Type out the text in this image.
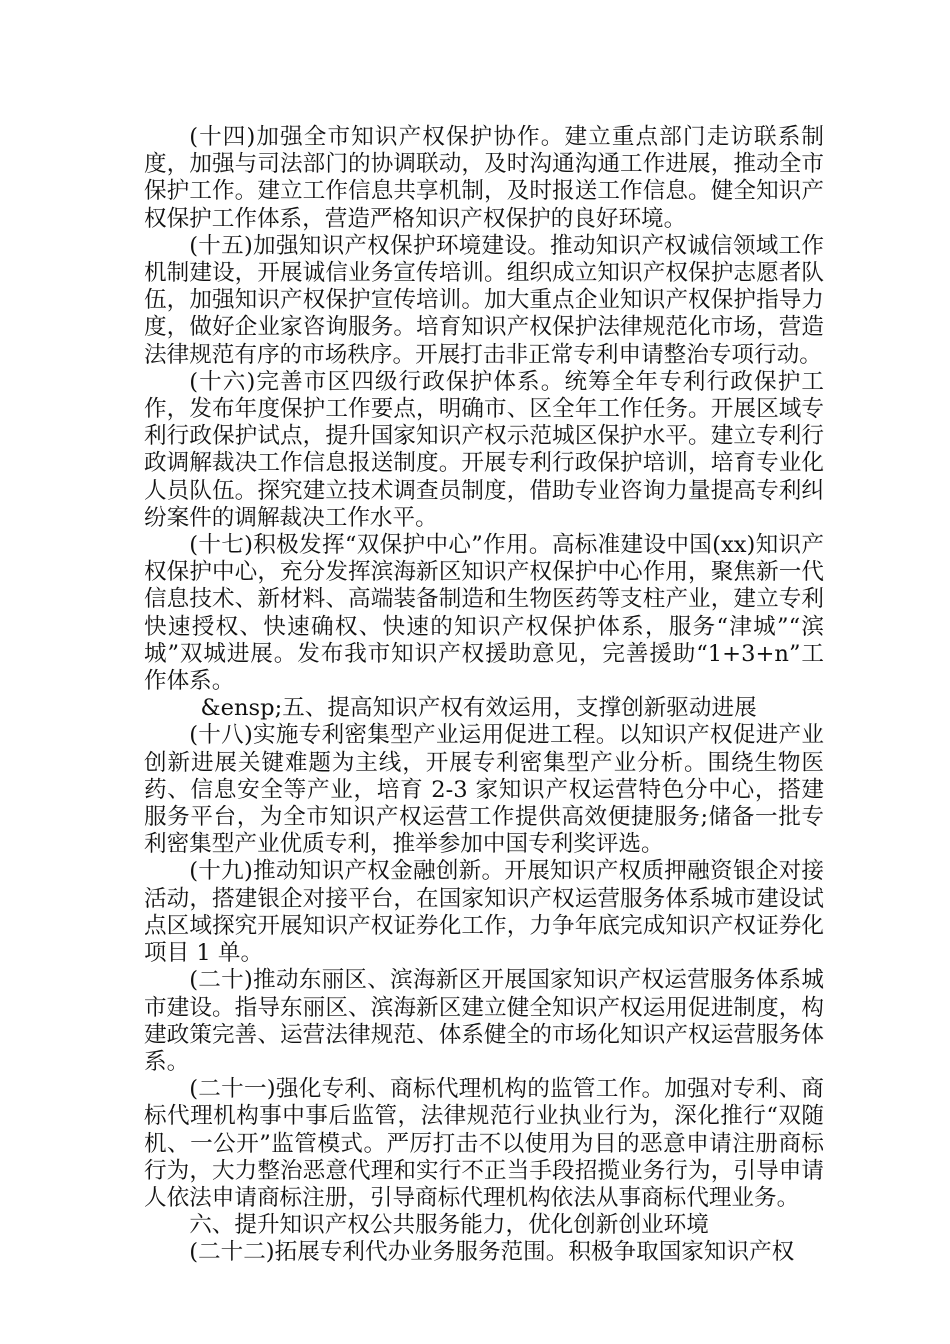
(十四)加强全市知识产权保护协作。建立重点部门走访联系制度，加强与司法部门的协调联动，及时沟通沟通工作进展，推动全市保护工作。建立工作信息共享机制，及时报送工作信息。健全知识产权保护工作体系，营造严格知识产权保护的良好环境。

(十五)加强知识产权保护环境建设。推动知识产权诚信领域工作机制建设，开展诚信业务宣传培训。组织成立知识产权保护志愿者队伍，加强知识产权保护宣传培训。加大重点企业知识产权保护指导力度，做好企业家咨询服务。培育知识产权保护法律规范化市场，营造法律规范有序的市场秩序。开展打击非正常专利申请整治专项行动。

(十六)完善市区四级行政保护体系。统筹全年专利行政保护工作，发布年度保护工作要点，明确市、区全年工作任务。开展区域专利行政保护试点，提升国家知识产权示范城区保护水平。建立专利行政调解裁决工作信息报送制度。开展专利行政保护培训，培育专业化人员队伍。探究建立技术调查员制度，借助专业咨询力量提高专利纠纷案件的调解裁决工作水平。

(十七)积极发挥“双保护中心”作用。高标准建设中国(xx)知识产权保护中心，充分发挥滨海新区知识产权保护中心作用，聚焦新一代信息技术、新材料、高端装备制造和生物医药等支柱产业，建立专利快速授权、快速确权、快速的知识产权保护体系，服务“津城”“滨城”双城进展。发布我市知识产权援助意见，完善援助“1+3+n”工作体系。

&ensp;五、提高知识产权有效运用，支撑创新驱动进展

(十八)实施专利密集型产业运用促进工程。以知识产权促进产业创新进展关键难题为主线，开展专利密集型产业分析。围绕生物医药、信息安全等产业，培育 2-3 家知识产权运营特色分中心，搭建服务平台，为全市知识产权运营工作提供高效便捷服务;储备一批专利密集型产业优质专利，推举参加中国专利奖评选。

(十九)推动知识产权金融创新。开展知识产权质押融资银企对接活动，搭建银企对接平台，在国家知识产权运营服务体系城市建设试点区域探究开展知识产权证券化工作，力争年底完成知识产权证券化项目 1 单。

(二十)推动东丽区、滨海新区开展国家知识产权运营服务体系城市建设。指导东丽区、滨海新区建立健全知识产权运用促进制度，构建政策完善、运营法律规范、体系健全的市场化知识产权运营服务体系。

(二十一)强化专利、商标代理机构的监管工作。加强对专利、商标代理机构事中事后监管，法律规范行业执业行为，深化推行“双随机、一公开”监管模式。严厉打击不以使用为目的恶意申请注册商标行为，大力整治恶意代理和实行不正当手段招揽业务行为，引导申请人依法申请商标注册，引导商标代理机构依法从事商标代理业务。

六、提升知识产权公共服务能力，优化创新创业环境

(二十二)拓展专利代办业务服务范围。积极争取国家知识产权
